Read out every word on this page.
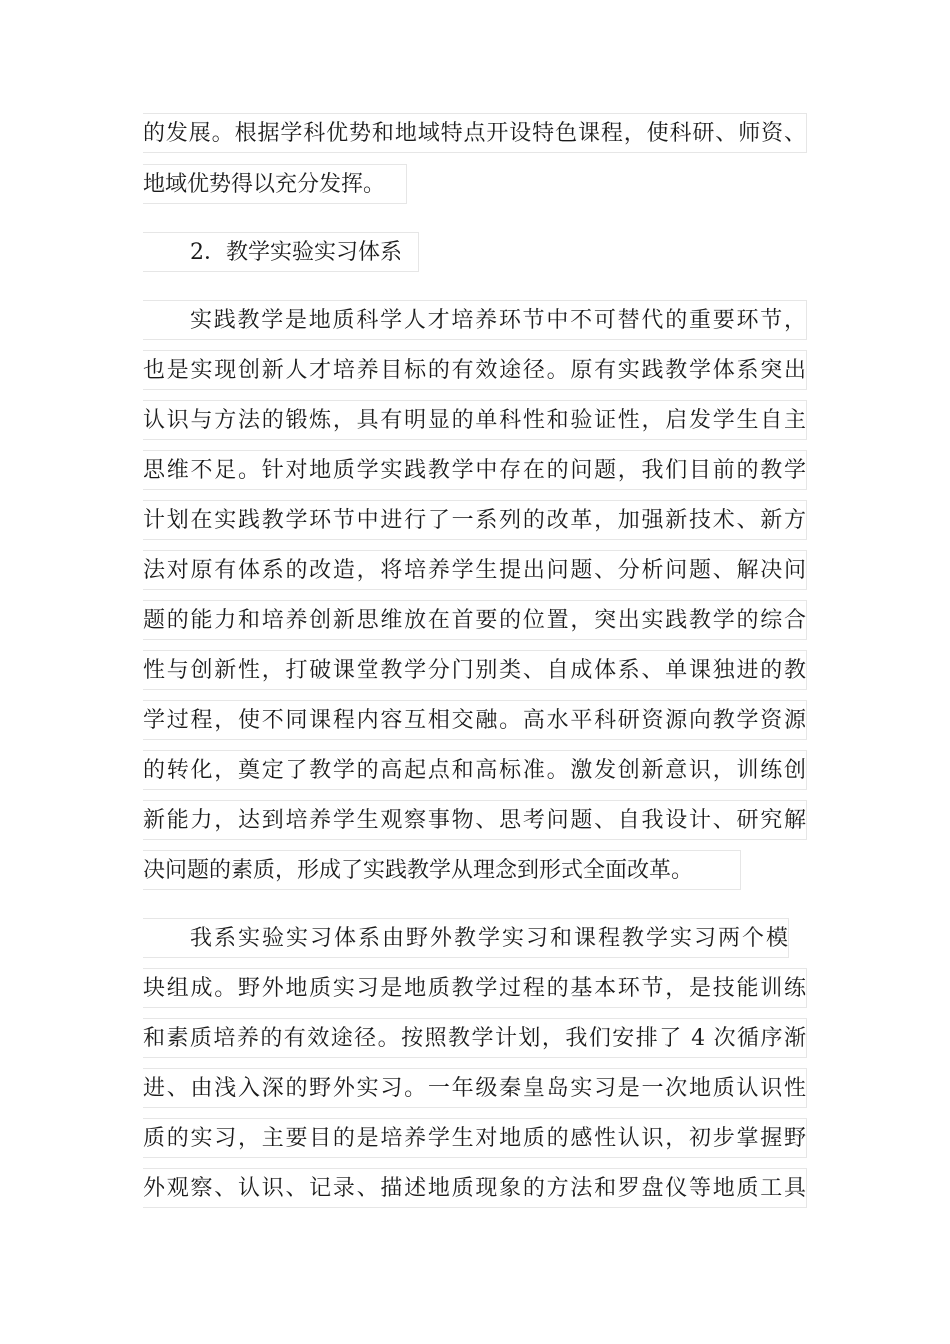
的发展。根据学科优势和地域特点开设特色课程，使科研、师资、
地域优势得以充分发挥。
2．教学实验实习体系
实践教学是地质科学人才培养环节中不可替代的重要环节，
也是实现创新人才培养目标的有效途径。原有实践教学体系突出
认识与方法的锻炼，具有明显的单科性和验证性，启发学生自主
思维不足。针对地质学实践教学中存在的问题，我们目前的教学
计划在实践教学环节中进行了一系列的改革，加强新技术、新方
法对原有体系的改造，将培养学生提出问题、分析问题、解决问
题的能力和培养创新思维放在首要的位置，突出实践教学的综合
性与创新性，打破课堂教学分门别类、自成体系、单课独进的教
学过程，使不同课程内容互相交融。高水平科研资源向教学资源
的转化，奠定了教学的高起点和高标准。激发创新意识，训练创
新能力，达到培养学生观察事物、思考问题、自我设计、研究解
决问题的素质，形成了实践教学从理念到形式全面改革。
我系实验实习体系由野外教学实习和课程教学实习两个模
块组成。野外地质实习是地质教学过程的基本环节，是技能训练
和素质培养的有效途径。按照教学计划，我们安排了 4 次循序渐
进、由浅入深的野外实习。一年级秦皇岛实习是一次地质认识性
质的实习，主要目的是培养学生对地质的感性认识，初步掌握野
外观察、认识、记录、描述地质现象的方法和罗盘仪等地质工具
